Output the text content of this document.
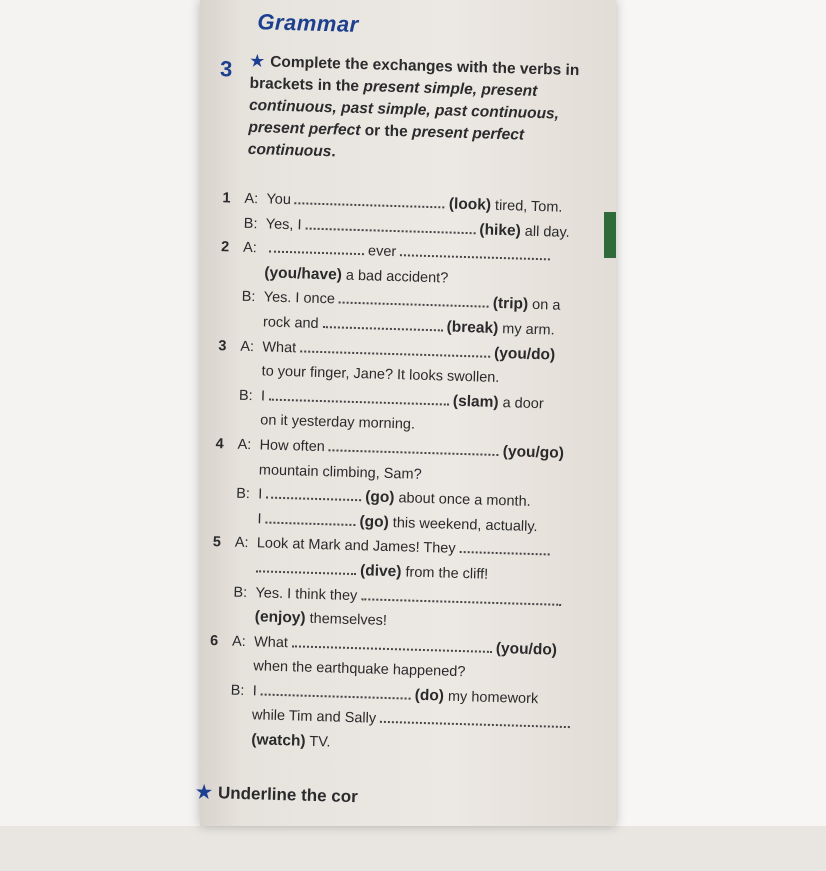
Grammar
3 ★ Complete the exchanges with the verbs in brackets in the present simple, present continuous, past simple, past continuous, present perfect or the present perfect continuous.
1 A: You	(look) tired, Tom.
B: Yes, I	(hike) all day.
2 A:	ever
(you/have) a bad accident?
B: Yes. I once	(trip) on a
rock and	(break) my arm.
3 A: What	(you/do)
to your finger, Jane? It looks swollen.
B: I	(slam) a door
on it yesterday morning.
4 A: How often	(you/go)
mountain climbing, Sam?
B: I	(go) about once a month.
I	(go) this weekend, actually.
5 A: Look at Mark and James! They
(dive) from the cliff!
B: Yes. I think they
(enjoy) themselves!
6 A: What	(you/do)
when the earthquake happened?
B: I	(do) my homework
while Tim and Sally
(watch) TV.
★ Underline the cor
